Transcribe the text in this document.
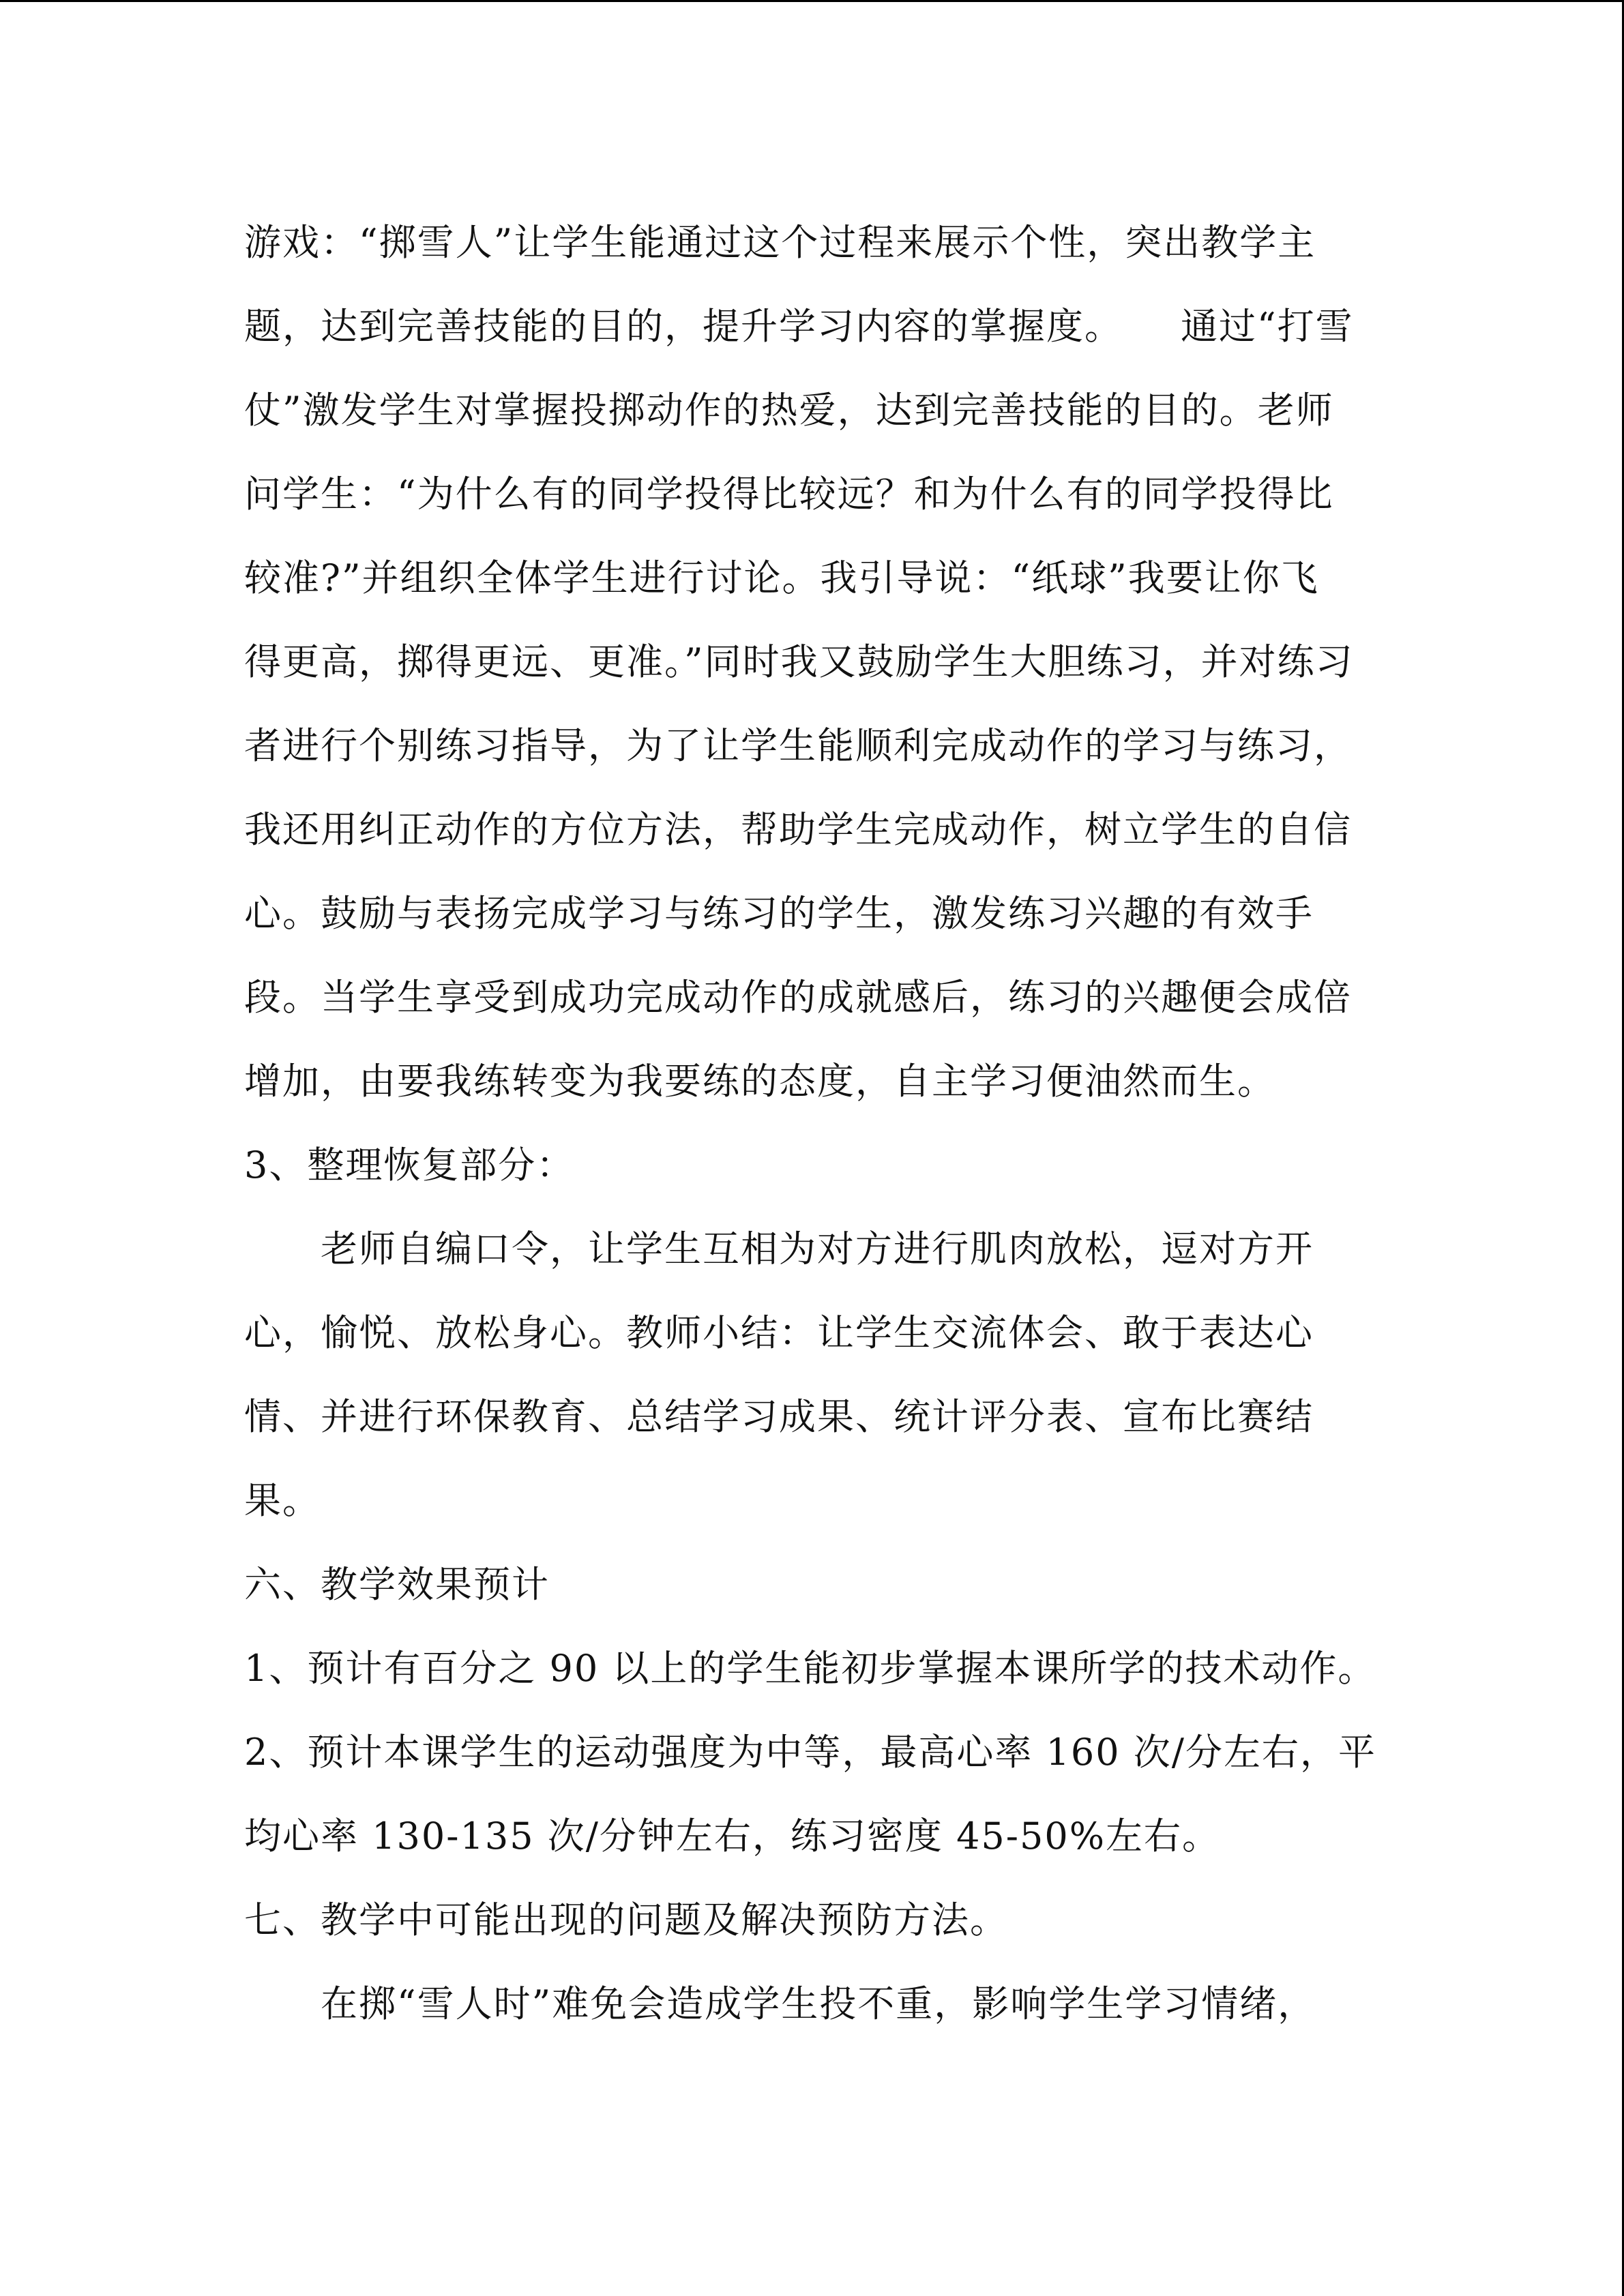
游戏：“掷雪人”让学生能通过这个过程来展示个性，突出教学主
题，达到完善技能的目的，提升学习内容的掌握度。　　通过“打雪
仗”激发学生对掌握投掷动作的热爱，达到完善技能的目的。老师
问学生：“为什么有的同学投得比较远？和为什么有的同学投得比
较准?”并组织全体学生进行讨论。我引导说：“纸球”我要让你飞
得更高，掷得更远、更准。”同时我又鼓励学生大胆练习，并对练习
者进行个别练习指导，为了让学生能顺利完成动作的学习与练习，
我还用纠正动作的方位方法，帮助学生完成动作，树立学生的自信
心。鼓励与表扬完成学习与练习的学生，激发练习兴趣的有效手
段。当学生享受到成功完成动作的成就感后，练习的兴趣便会成倍
增加，由要我练转变为我要练的态度，自主学习便油然而生。
3、整理恢复部分：
老师自编口令，让学生互相为对方进行肌肉放松，逗对方开
心，愉悦、放松身心。教师小结：让学生交流体会、敢于表达心
情、并进行环保教育、总结学习成果、统计评分表、宣布比赛结
果。
六、教学效果预计
1、预计有百分之 90 以上的学生能初步掌握本课所学的技术动作。
2、预计本课学生的运动强度为中等，最高心率 160 次/分左右，平
均心率 130-135 次/分钟左右，练习密度 45-50%左右。
七、教学中可能出现的问题及解决预防方法。
在掷“雪人时”难免会造成学生投不重，影响学生学习情绪，
